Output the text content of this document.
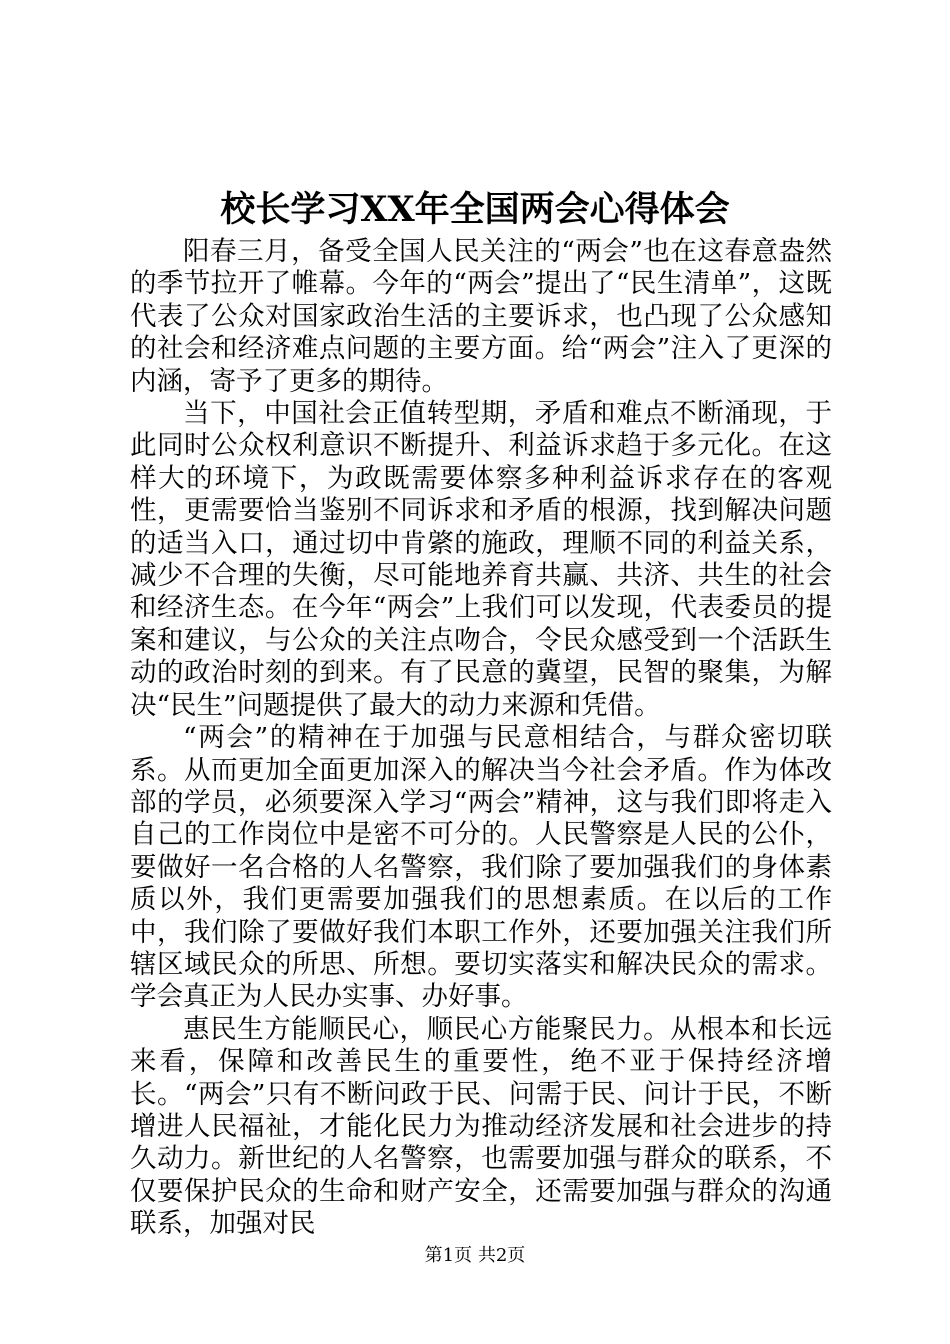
校长学习XX年全国两会心得体会

阳春三月，备受全国人民关注的“两会”也在这春意盎然的季节拉开了帷幕。今年的“两会”提出了“民生清单”，这既代表了公众对国家政治生活的主要诉求，也凸现了公众感知的社会和经济难点问题的主要方面。给“两会”注入了更深的内涵，寄予了更多的期待。

当下，中国社会正值转型期，矛盾和难点不断涌现，于此同时公众权利意识不断提升、利益诉求趋于多元化。在这样大的环境下，为政既需要体察多种利益诉求存在的客观性，更需要恰当鉴别不同诉求和矛盾的根源，找到解决问题的适当入口，通过切中肯綮的施政，理顺不同的利益关系，减少不合理的失衡，尽可能地养育共赢、共济、共生的社会和经济生态。在今年“两会”上我们可以发现，代表委员的提案和建议，与公众的关注点吻合，令民众感受到一个活跃生动的政治时刻的到来。有了民意的冀望，民智的聚集，为解决“民生”问题提供了最大的动力来源和凭借。

“两会”的精神在于加强与民意相结合，与群众密切联系。从而更加全面更加深入的解决当今社会矛盾。作为体改部的学员，必须要深入学习“两会”精神，这与我们即将走入自己的工作岗位中是密不可分的。人民警察是人民的公仆，要做好一名合格的人名警察，我们除了要加强我们的身体素质以外，我们更需要加强我们的思想素质。在以后的工作中，我们除了要做好我们本职工作外，还要加强关注我们所辖区域民众的所思、所想。要切实落实和解决民众的需求。学会真正为人民办实事、办好事。

惠民生方能顺民心，顺民心方能聚民力。从根本和长远来看，保障和改善民生的重要性，绝不亚于保持经济增长。“两会”只有不断问政于民、问需于民、问计于民，不断增进人民福祉，才能化民力为推动经济发展和社会进步的持久动力。新世纪的人名警察，也需要加强与群众的联系，不仅要保护民众的生命和财产安全，还需要加强与群众的沟通联系，加强对民

第1页 共2页
